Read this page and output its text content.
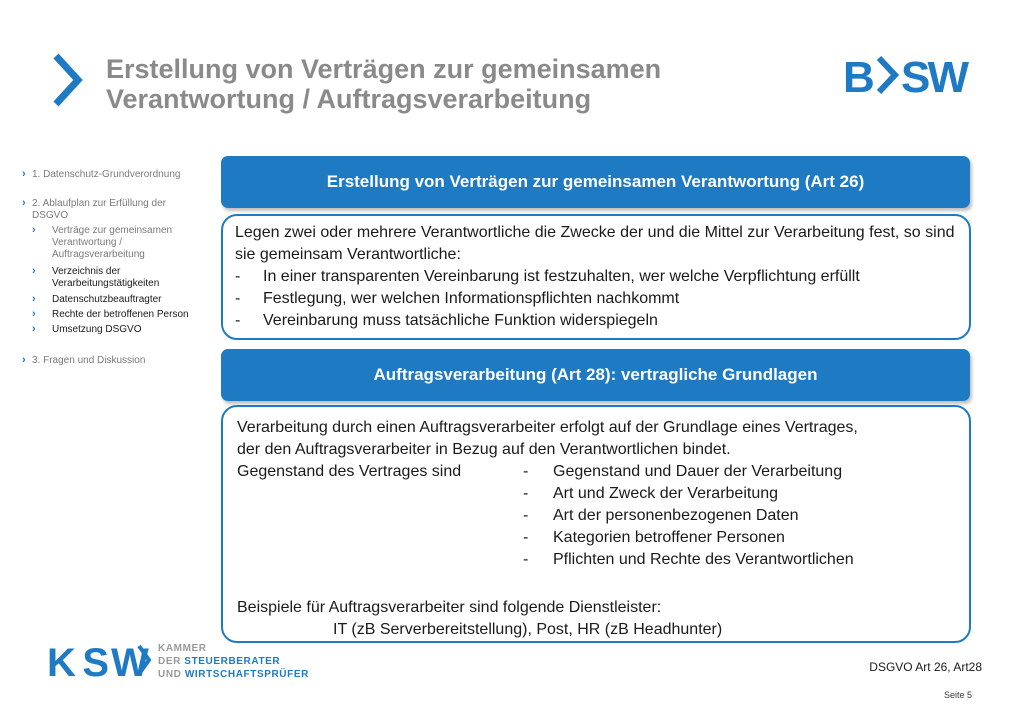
Erstellung von Verträgen zur gemeinsamen
Verantwortung / Auftragsverarbeitung	B SW
› 1. Datenschutz-Grundverordnung
› 2. Ablaufplan zur Erfüllung der DSGVO
›	Verträge zur gemeinsamen Verantwortung / Auftragsverarbeitung
›	Verzeichnis der Verarbeitungstätigkeiten
›	Datenschutzbeauftragter
›	Rechte der betroffenen Person
›	Umsetzung DSGVO
› 3. Fragen und Diskussion
Erstellung von Verträgen zur gemeinsamen Verantwortung (Art 26)
Legen zwei oder mehrere Verantwortliche die Zwecke der und die Mittel zur Verarbeitung fest, so sind sie gemeinsam Verantwortliche:
-	In einer transparenten Vereinbarung ist festzuhalten, wer welche Verpflichtung erfüllt
-	Festlegung, wer welchen Informationspflichten nachkommt
-	Vereinbarung muss tatsächliche Funktion widerspiegeln
Auftragsverarbeitung (Art 28): vertragliche Grundlagen
Verarbeitung durch einen Auftragsverarbeiter erfolgt auf der Grundlage eines Vertrages,
der den Auftragsverarbeiter in Bezug auf den Verantwortlichen bindet.
Gegenstand des Vertrages sind	- Gegenstand und Dauer der Verarbeitung
- Art und Zweck der Verarbeitung
- Art der personenbezogenen Daten
- Kategorien betroffener Personen
- Pflichten und Rechte des Verantwortlichen
Beispiele für Auftragsverarbeiter sind folgende Dienstleister:
IT (zB Serverbereitstellung), Post, HR (zB Headhunter)
KS W KAMMER
DER STEUERBERATER
UND WIRTSCHAFTSPRÜFER
DSGVO Art 26, Art28
Seite 5
